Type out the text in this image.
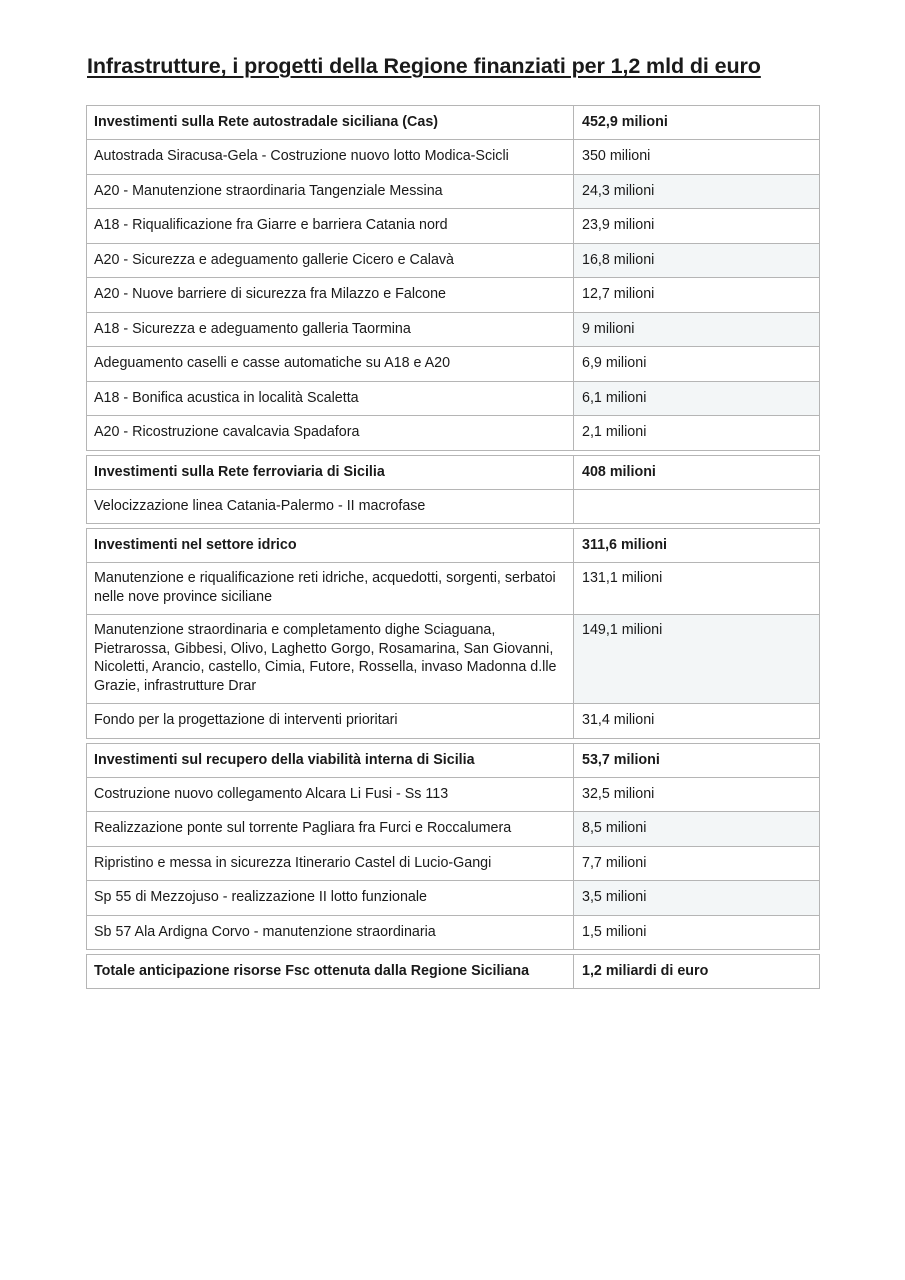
Infrastrutture, i progetti della Regione finanziati per 1,2 mld di euro
Investimenti sulla Rete autostradale siciliana (Cas)	452,9 milioni
Autostrada Siracusa-Gela - Costruzione nuovo lotto Modica-Scicli	350 milioni
A20 - Manutenzione straordinaria Tangenziale Messina	24,3 milioni
A18 - Riqualificazione fra Giarre e barriera Catania nord	23,9 milioni
A20 - Sicurezza e adeguamento gallerie Cicero e Calavà	16,8 milioni
A20 - Nuove barriere di sicurezza fra Milazzo e Falcone	12,7 milioni
A18 - Sicurezza e adeguamento galleria Taormina	9 milioni
Adeguamento caselli e casse automatiche su A18 e A20	6,9 milioni
A18 - Bonifica acustica in località Scaletta	6,1 milioni
A20 - Ricostruzione cavalcavia Spadafora	2,1 milioni
Investimenti sulla Rete ferroviaria di Sicilia	408 milioni
Velocizzazione linea Catania-Palermo - II macrofase	
Investimenti nel settore idrico	311,6 milioni
Manutenzione e riqualificazione reti idriche, acquedotti, sorgenti, serbatoi nelle nove province siciliane	131,1 milioni
Manutenzione straordinaria e completamento dighe Sciaguana, Pietrarossa, Gibbesi, Olivo, Laghetto Gorgo, Rosamarina, San Giovanni, Nicoletti, Arancio, castello, Cimia, Futore, Rossella, invaso Madonna d.lle Grazie, infrastrutture Drar	149,1 milioni
Fondo per la progettazione di interventi prioritari	31,4 milioni
Investimenti sul recupero della viabilità interna di Sicilia	53,7 milioni
Costruzione nuovo collegamento Alcara Li Fusi - Ss 113	32,5 milioni
Realizzazione ponte sul torrente Pagliara fra Furci e Roccalumera	8,5 milioni
Ripristino e messa in sicurezza Itinerario Castel di Lucio-Gangi	7,7 milioni
Sp 55 di Mezzojuso - realizzazione II lotto funzionale	3,5 milioni
Sb 57 Ala Ardigna Corvo - manutenzione straordinaria	1,5 milioni
Totale anticipazione risorse Fsc ottenuta dalla Regione Siciliana	1,2 miliardi di euro
